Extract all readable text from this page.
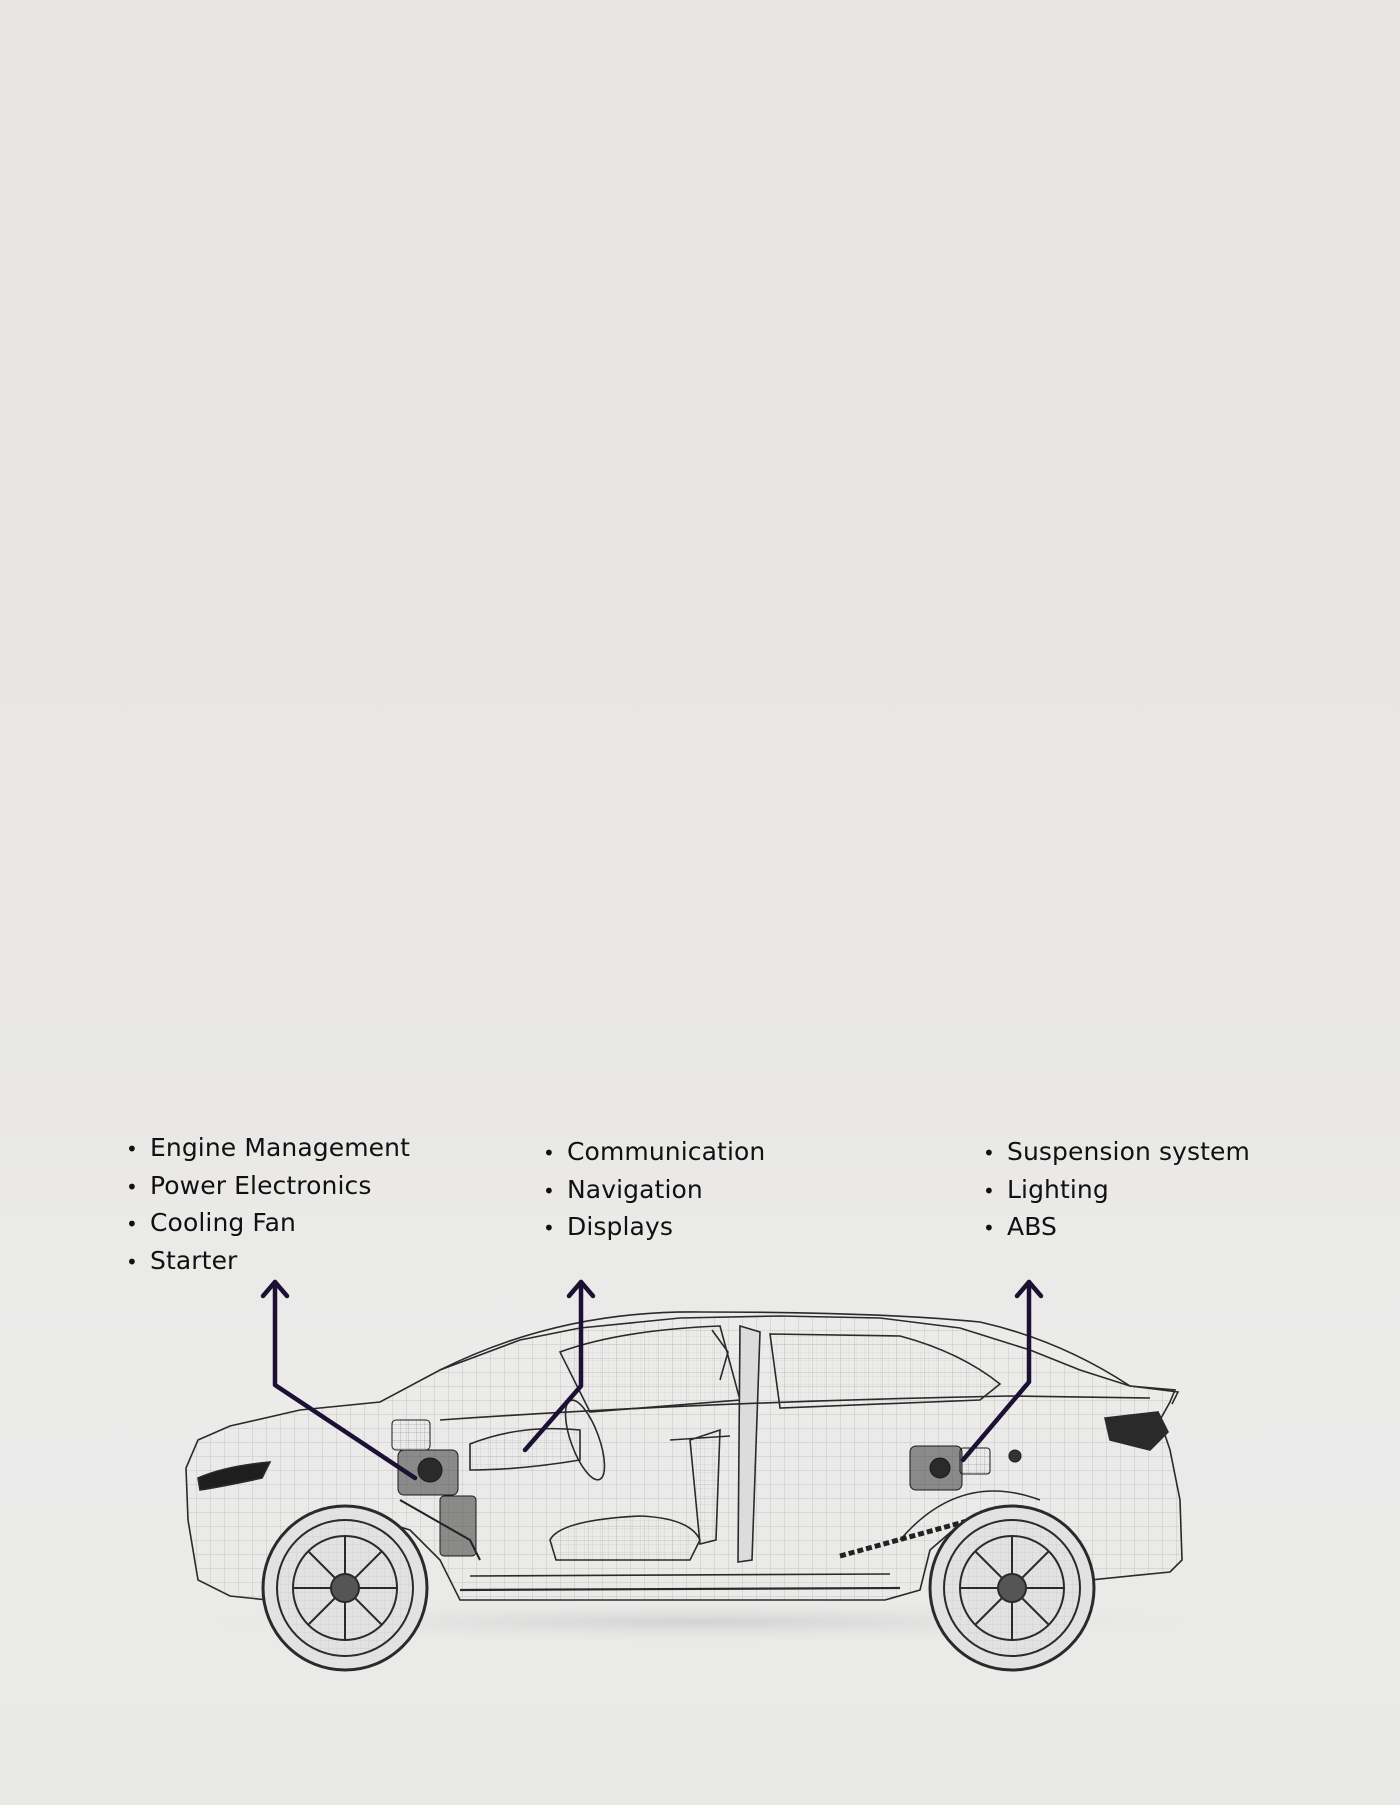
• Engine Management
• Power Electronics
• Cooling Fan
• Starter
• Communication
• Navigation
• Displays
• Suspension system
• Lighting
• ABS
